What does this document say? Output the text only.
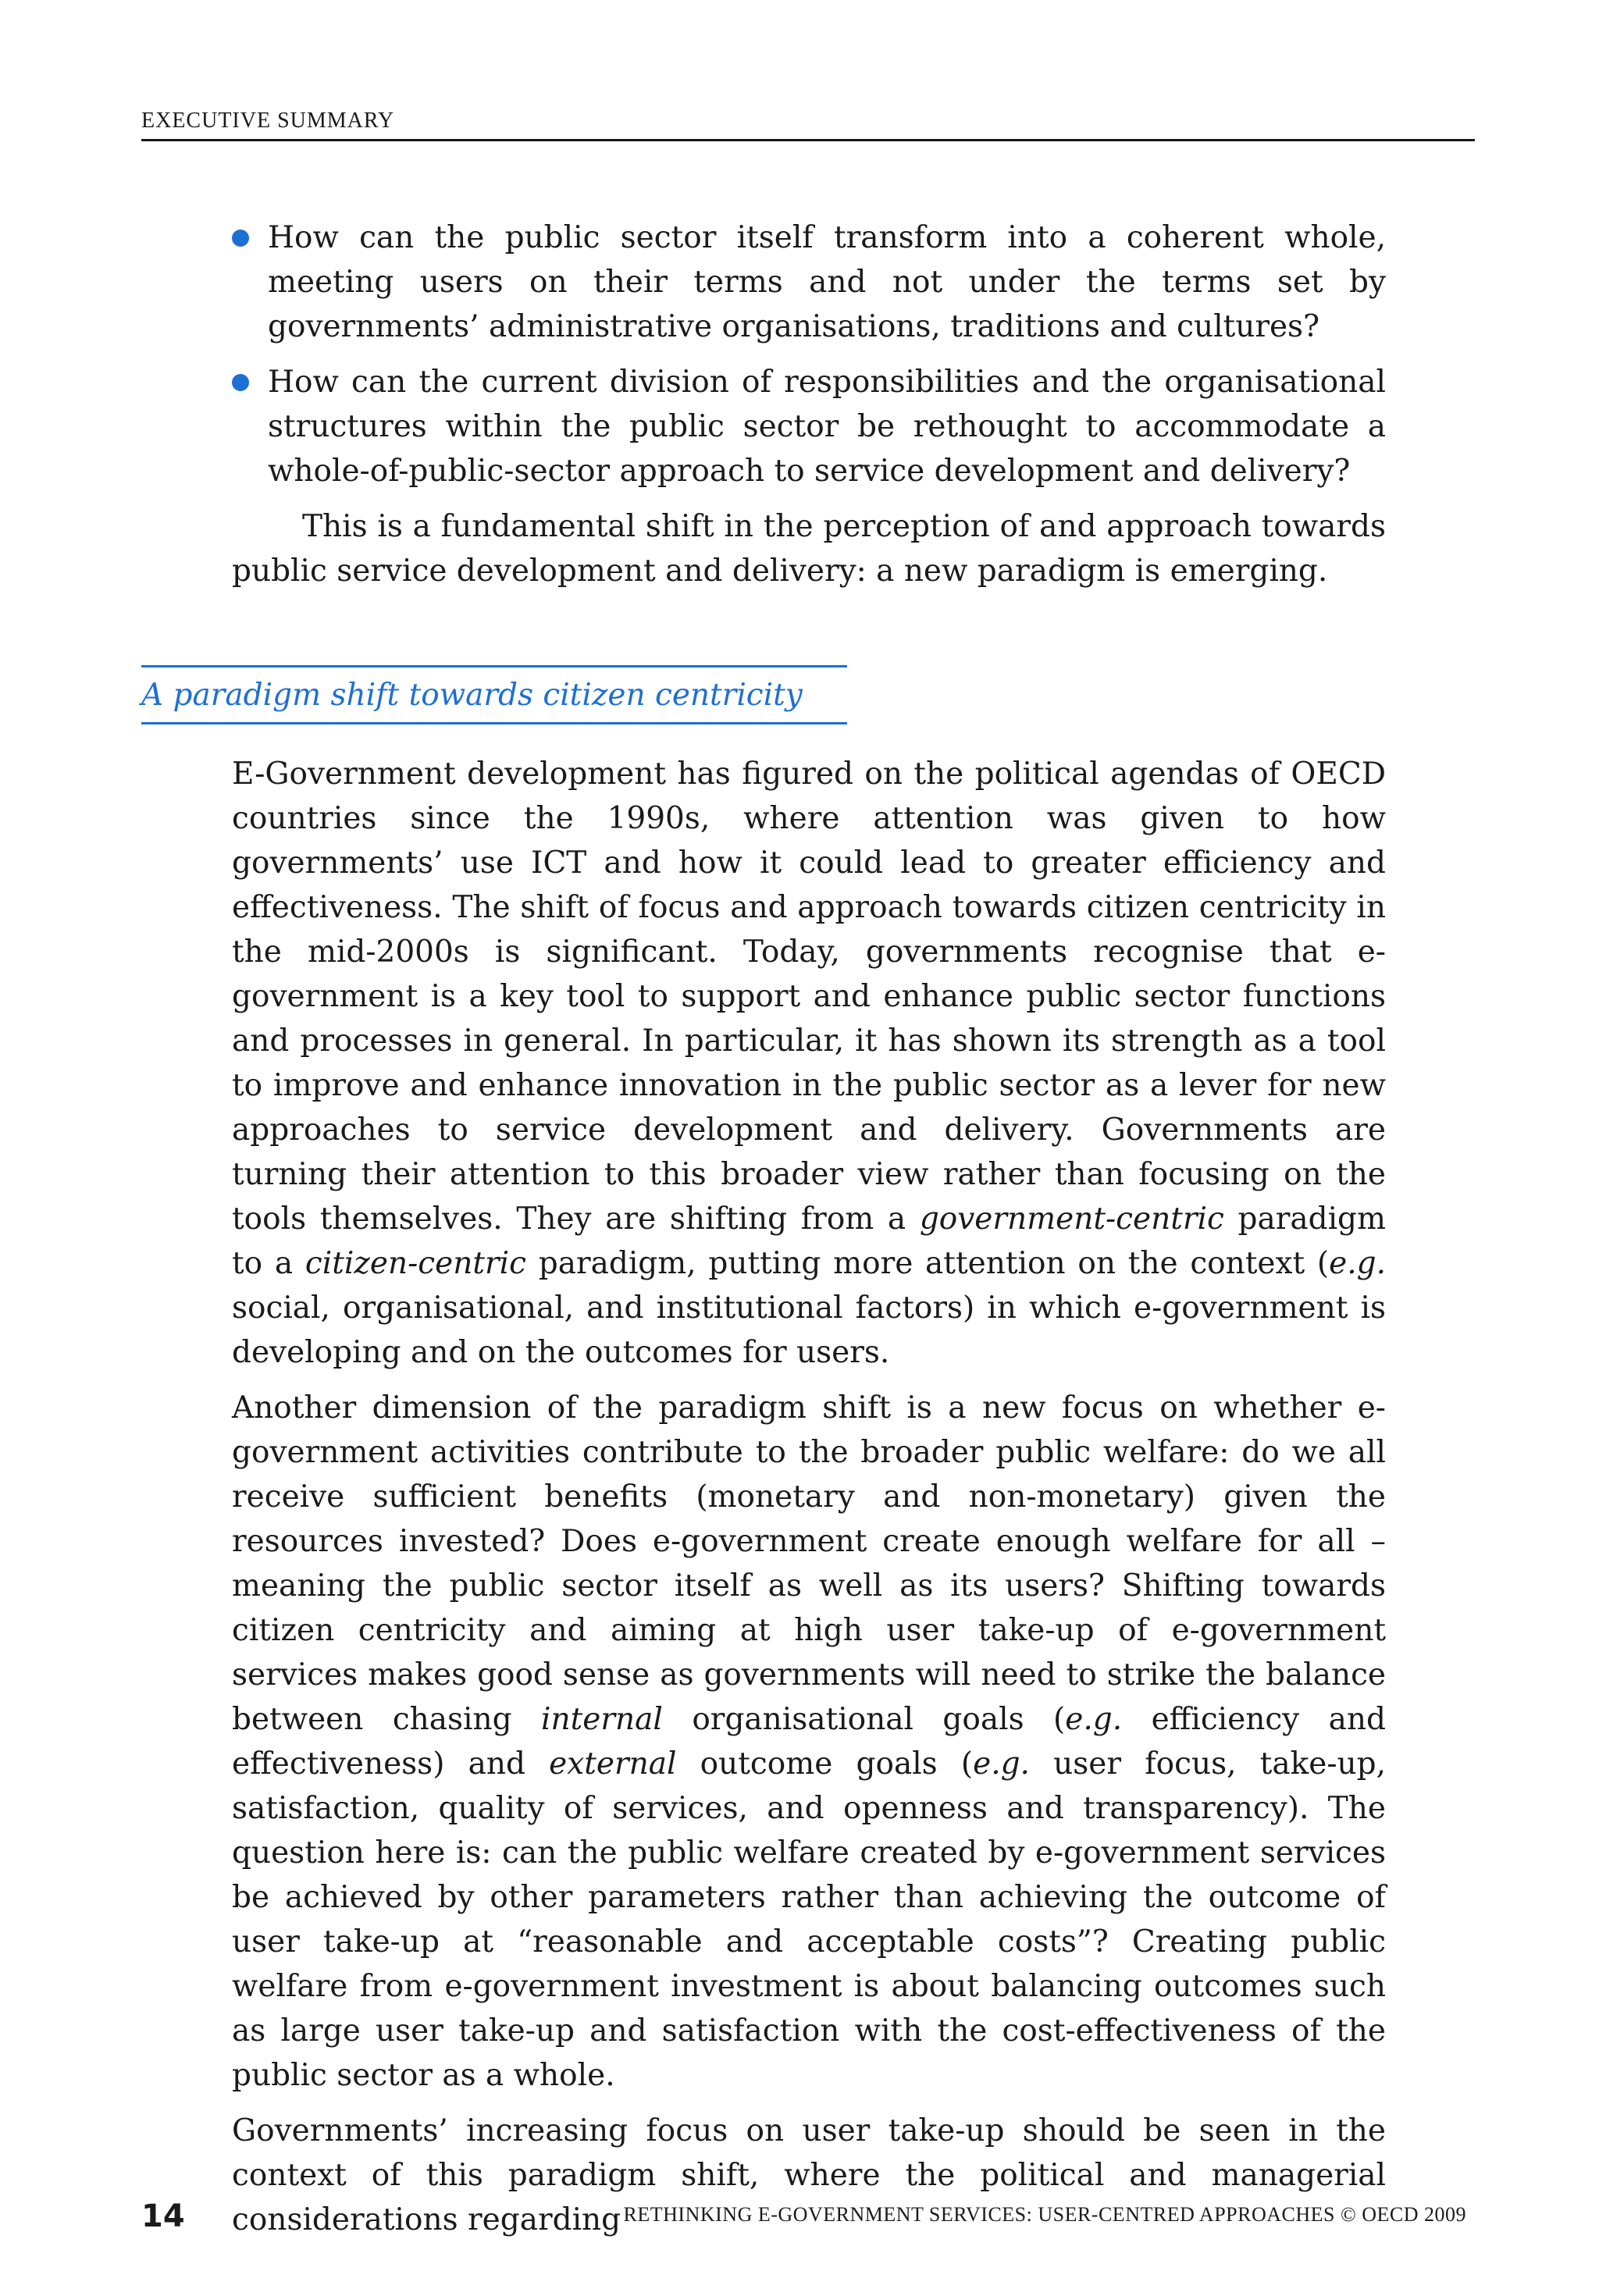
EXECUTIVE SUMMARY
How can the public sector itself transform into a coherent whole, meeting users on their terms and not under the terms set by governments’ administrative organisations, traditions and cultures?
How can the current division of responsibilities and the organisational structures within the public sector be rethought to accommodate a whole-of-public-sector approach to service development and delivery?

This is a fundamental shift in the perception of and approach towards public service development and delivery: a new paradigm is emerging.

A paradigm shift towards citizen centricity

E-Government development has figured on the political agendas of OECD countries since the 1990s, where attention was given to how governments’ use ICT and how it could lead to greater efficiency and effectiveness. The shift of focus and approach towards citizen centricity in the mid-2000s is significant. Today, governments recognise that e-government is a key tool to support and enhance public sector functions and processes in general. In particular, it has shown its strength as a tool to improve and enhance innovation in the public sector as a lever for new approaches to service development and delivery. Governments are turning their attention to this broader view rather than focusing on the tools themselves. They are shifting from a government-centric paradigm to a citizen-centric paradigm, putting more attention on the context (e.g. social, organisational, and institutional factors) in which e-government is developing and on the outcomes for users.

Another dimension of the paradigm shift is a new focus on whether e-government activities contribute to the broader public welfare: do we all receive sufficient benefits (monetary and non-monetary) given the resources invested? Does e-government create enough welfare for all – meaning the public sector itself as well as its users? Shifting towards citizen centricity and aiming at high user take-up of e-government services makes good sense as governments will need to strike the balance between chasing internal organisational goals (e.g. efficiency and effectiveness) and external outcome goals (e.g. user focus, take-up, satisfaction, quality of services, and openness and transparency). The question here is: can the public welfare created by e-government services be achieved by other parameters rather than achieving the outcome of user take-up at “reasonable and acceptable costs”? Creating public welfare from e-government investment is about balancing outcomes such as large user take-up and satisfaction with the cost-effectiveness of the public sector as a whole.

Governments’ increasing focus on user take-up should be seen in the context of this paradigm shift, where the political and managerial considerations regarding

14	RETHINKING E-GOVERNMENT SERVICES: USER-CENTRED APPROACHES © OECD 2009
